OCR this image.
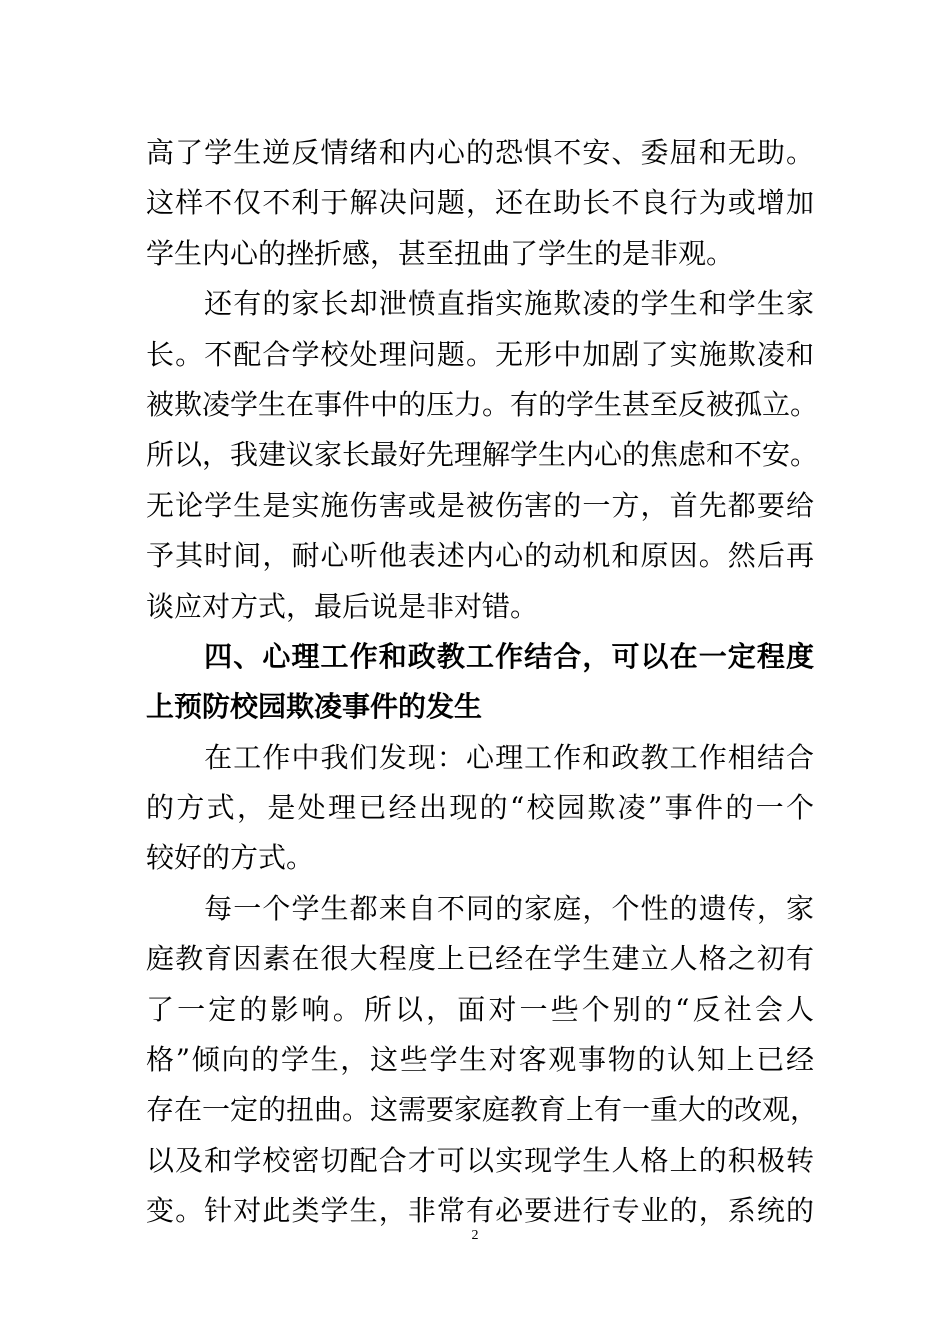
高了学生逆反情绪和内心的恐惧不安、委屈和无助。
这样不仅不利于解决问题，还在助长不良行为或增加
学生内心的挫折感，甚至扭曲了学生的是非观。
　　还有的家长却泄愤直指实施欺凌的学生和学生家
长。不配合学校处理问题。无形中加剧了实施欺凌和
被欺凌学生在事件中的压力。有的学生甚至反被孤立。
所以，我建议家长最好先理解学生内心的焦虑和不安。
无论学生是实施伤害或是被伤害的一方，首先都要给
予其时间，耐心听他表述内心的动机和原因。然后再
谈应对方式，最后说是非对错。
　　四、心理工作和政教工作结合，可以在一定程度
上预防校园欺凌事件的发生
　　在工作中我们发现：心理工作和政教工作相结合
的方式，是处理已经出现的“校园欺凌”事件的一个
较好的方式。
　　每一个学生都来自不同的家庭，个性的遗传，家
庭教育因素在很大程度上已经在学生建立人格之初有
了一定的影响。所以，面对一些个别的“反社会人
格”倾向的学生，这些学生对客观事物的认知上已经
存在一定的扭曲。这需要家庭教育上有一重大的改观，
以及和学校密切配合才可以实现学生人格上的积极转
变。针对此类学生，非常有必要进行专业的，系统的
2
